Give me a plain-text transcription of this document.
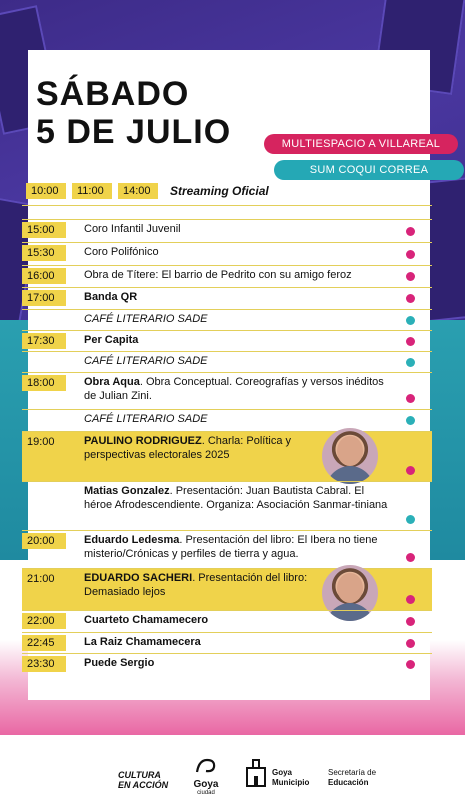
SÁBADO
5 DE JULIO
7°Feria del
Libro Goya
MULTIESPACIO A VILLAREAL
SUM COQUI CORREA
10:00	11:00	14:00	Streaming Oficial
15:00	Coro Infantil Juvenil
15:30	Coro Polifónico
16:00	Obra de Títere: El barrio de Pedrito con su amigo feroz
17:00	Banda QR
CAFÉ LITERARIO SADE
17:30	Per Capita
CAFÉ LITERARIO SADE
18:00	Obra Aqua. Obra Conceptual. Coreografías y versos inéditos de Julian Zini.
CAFÉ LITERARIO SADE
19:00	PAULINO RODRIGUEZ. Charla: Política y perspectivas electorales 2025
Matias Gonzalez. Presentación: Juan Bautista Cabral. El héroe Afrodescendiente. Organiza: Asociación Sanmar-tiniana
20:00	Eduardo Ledesma. Presentación del libro: El Ibera no tiene misterio/Crónicas y perfiles de tierra y agua.
21:00	EDUARDO SACHERI. Presentación del libro: Demasiado lejos
22:00	Cuarteto Chamamecero
22:45	La Raiz Chamamecera
23:30	Puede Sergio
CULTURA
EN ACCIÓN	Goya
ciudad
Goya
Municipio
Secretaría de
Educación
